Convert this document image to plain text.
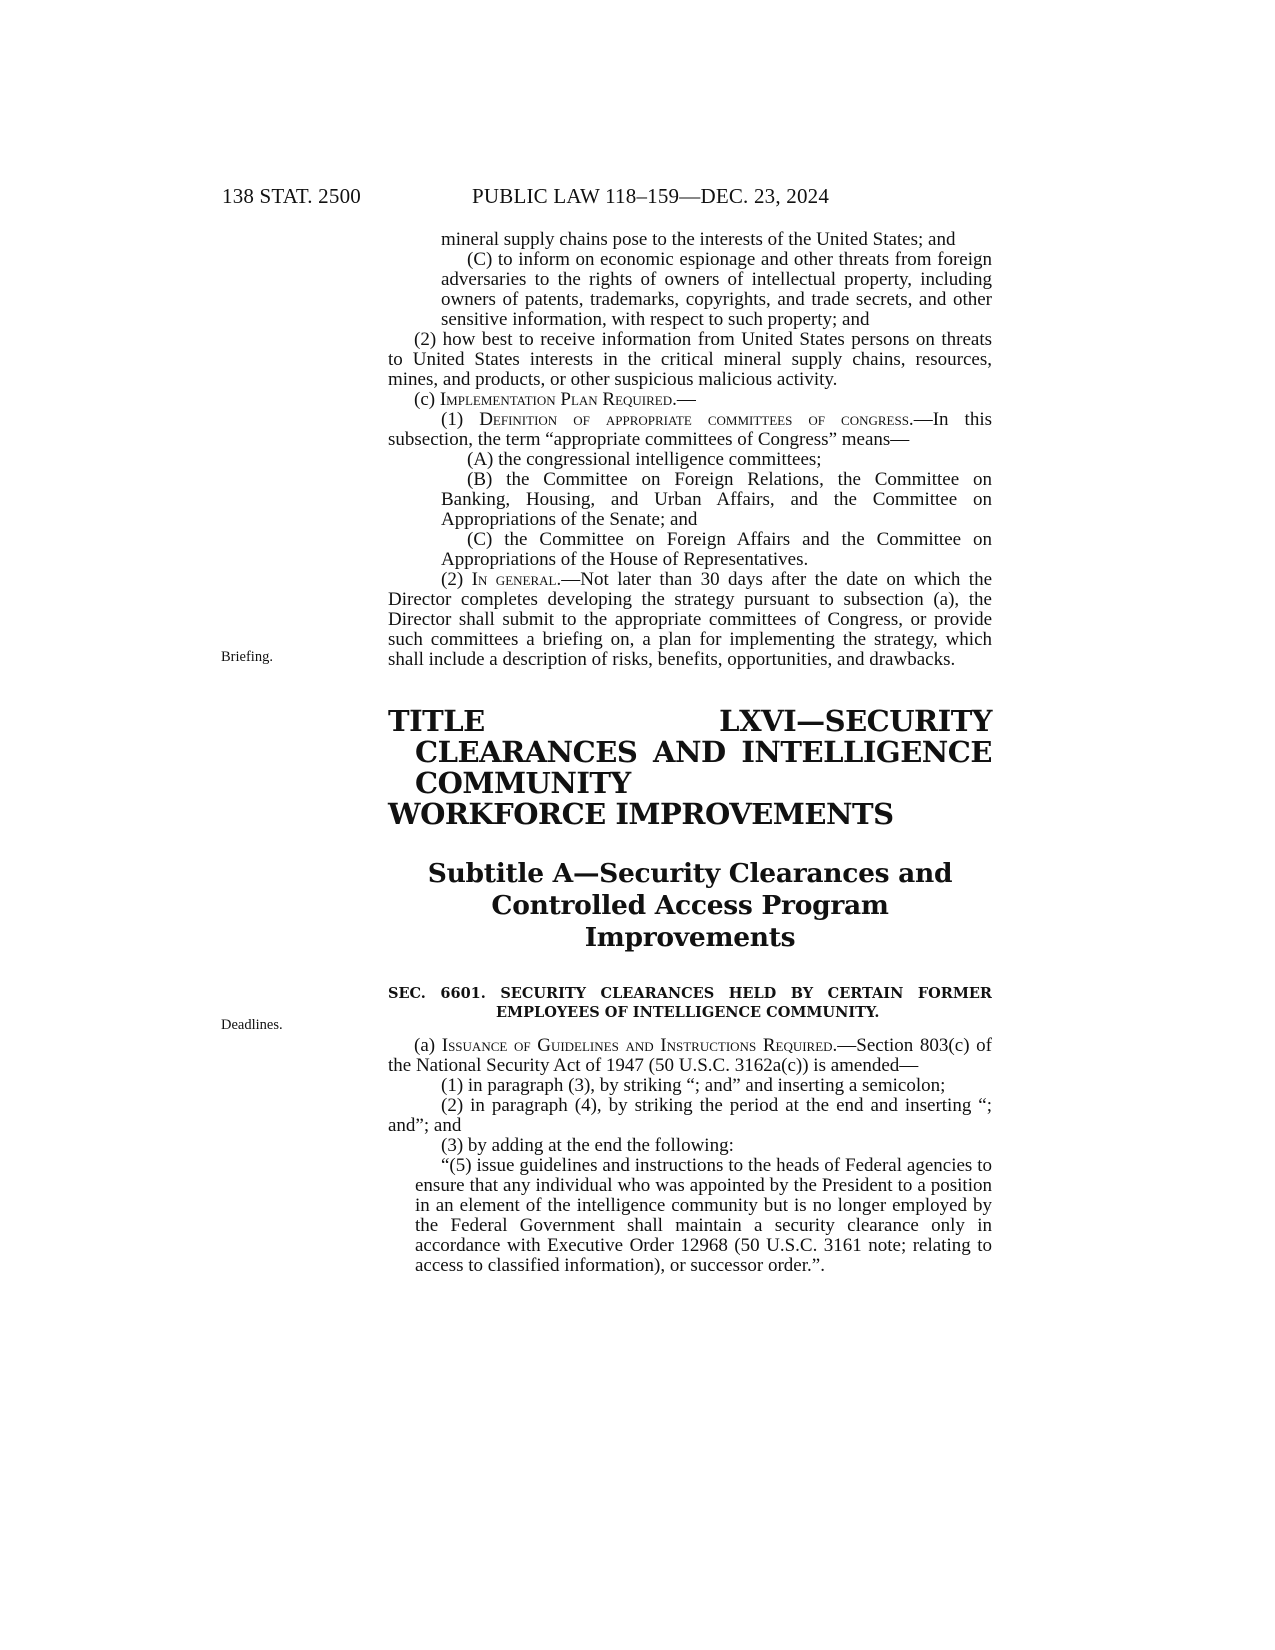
138 STAT. 2500	PUBLIC LAW 118–159—DEC. 23, 2024
Briefing.
Deadlines.

mineral supply chains pose to the interests of the United States; and

(C) to inform on economic espionage and other threats from foreign adversaries to the rights of owners of intellectual property, including owners of patents, trademarks, copyrights, and trade secrets, and other sensitive information, with respect to such property; and

(2) how best to receive information from United States persons on threats to United States interests in the critical mineral supply chains, resources, mines, and products, or other suspicious malicious activity.

(c) Implementation Plan Required.—

(1) Definition of appropriate committees of congress.—In this subsection, the term “appropriate committees of Congress” means—

(A) the congressional intelligence committees;

(B) the Committee on Foreign Relations, the Committee on Banking, Housing, and Urban Affairs, and the Committee on Appropriations of the Senate; and

(C) the Committee on Foreign Affairs and the Committee on Appropriations of the House of Representatives.

(2) In general.—Not later than 30 days after the date on which the Director completes developing the strategy pursuant to subsection (a), the Director shall submit to the appropriate committees of Congress, or provide such committees a briefing on, a plan for implementing the strategy, which shall include a description of risks, benefits, opportunities, and drawbacks.

TITLE LXVI—SECURITY CLEARANCES AND INTELLIGENCE COMMUNITY
WORKFORCE IMPROVEMENTS
Subtitle A—Security Clearances and
Controlled Access Program Improvements
SEC. 6601. SECURITY CLEARANCES HELD BY CERTAIN FORMER
EMPLOYEES OF INTELLIGENCE COMMUNITY.

(a) Issuance of Guidelines and Instructions Required.—Section 803(c) of the National Security Act of 1947 (50 U.S.C. 3162a(c)) is amended—

(1) in paragraph (3), by striking “; and” and inserting a semicolon;

(2) in paragraph (4), by striking the period at the end and inserting “; and”; and

(3) by adding at the end the following:

“(5) issue guidelines and instructions to the heads of Federal agencies to ensure that any individual who was appointed by the President to a position in an element of the intelligence community but is no longer employed by the Federal Government shall maintain a security clearance only in accordance with Executive Order 12968 (50 U.S.C. 3161 note; relating to access to classified information), or successor order.”.
